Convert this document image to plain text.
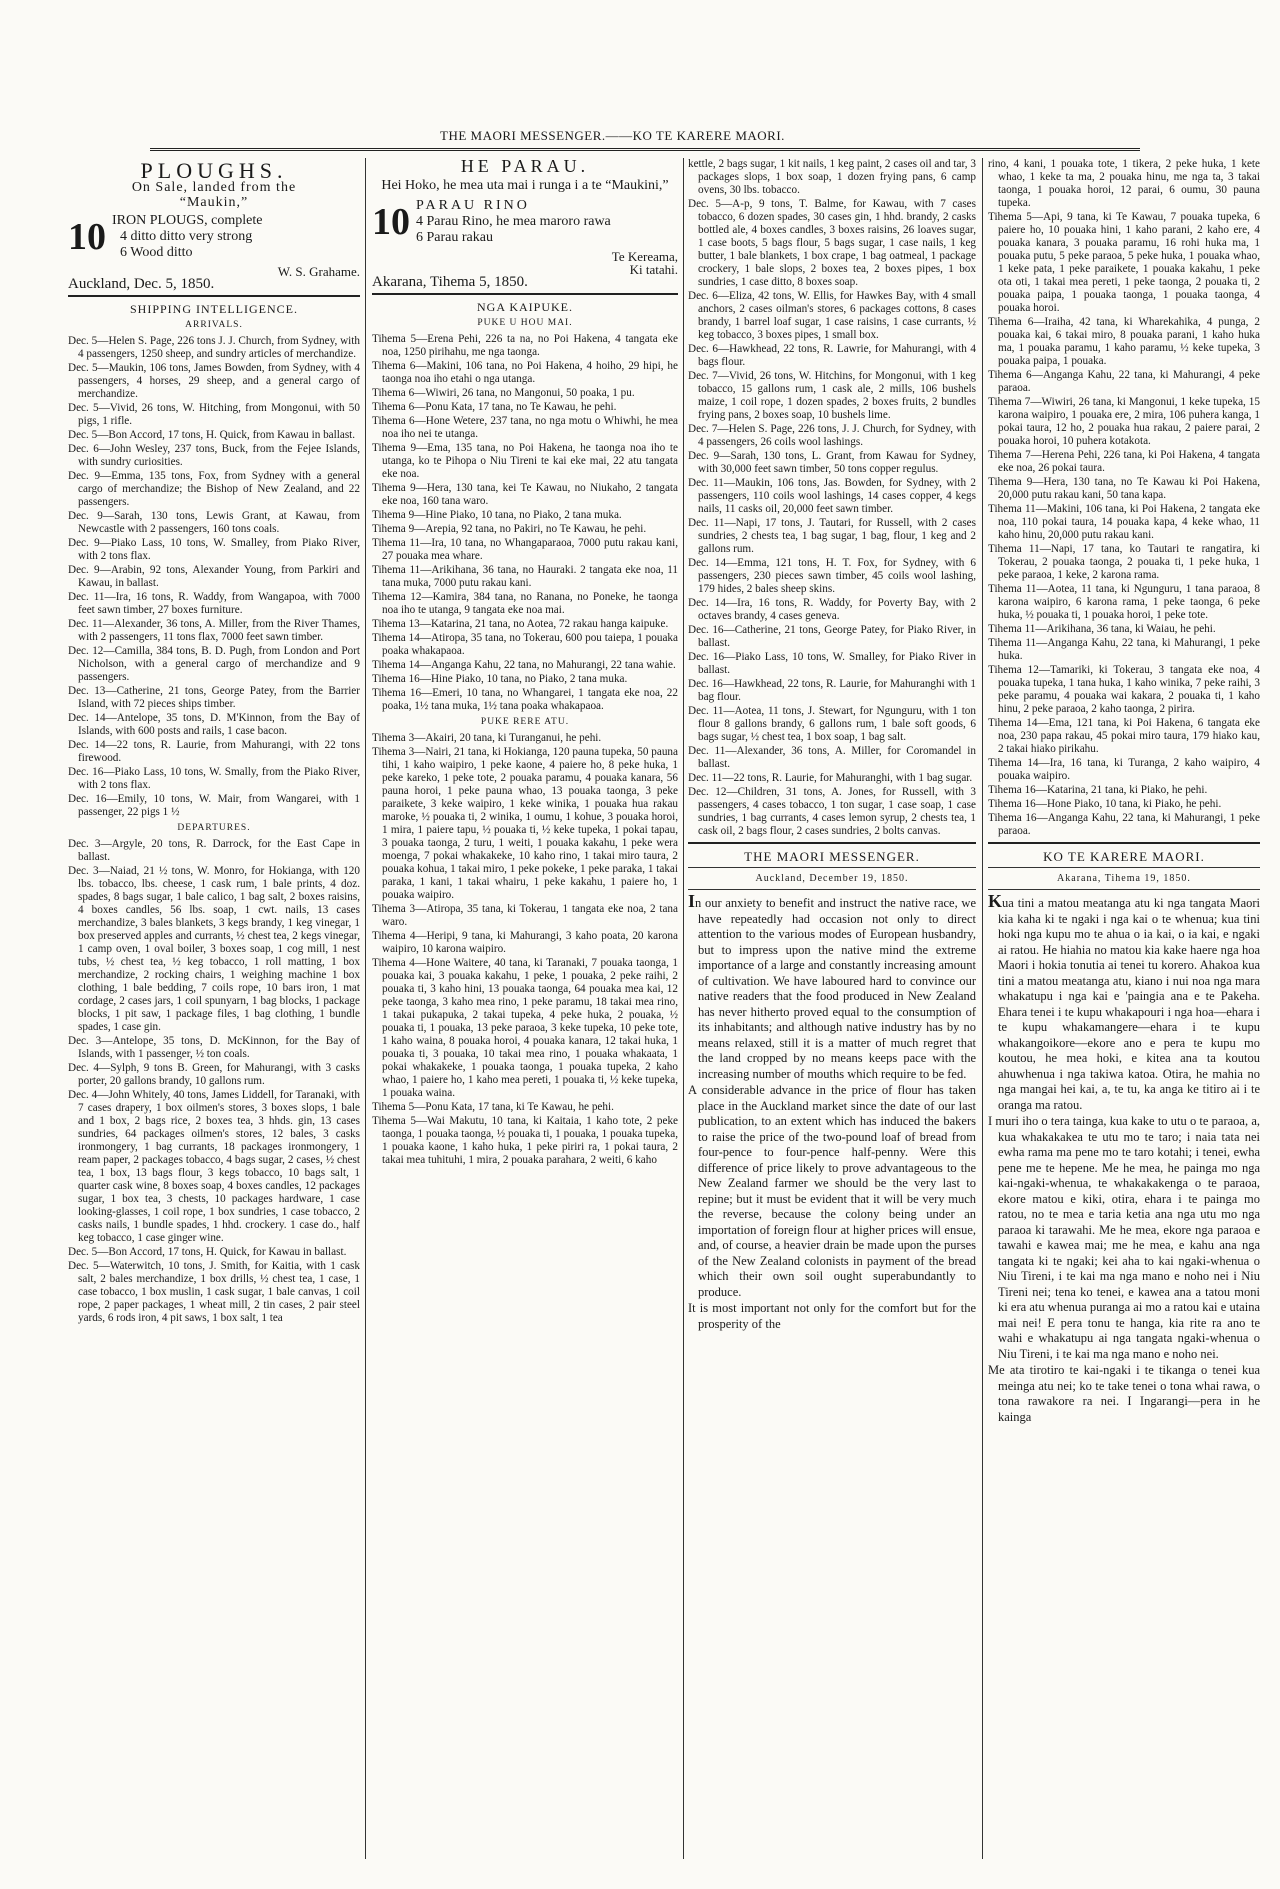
THE MAORI MESSENGER.——KO TE KARERE MAORI.
PLOUGHS.
On Sale, landed from the
“Maukin,”
10 IRON PLOUGS, complete
4 ditto ditto very strong
6 Wood ditto
W. S. Grahame.
Auckland, Dec. 5, 1850.
SHIPPING INTELLIGENCE.
ARRIVALS.

Dec. 5—Helen S. Page, 226 tons J. J. Church, from Sydney, with 4 passengers, 1250 sheep, and sundry articles of merchandize.

Dec. 5—Maukin, 106 tons, James Bowden, from Sydney, with 4 passengers, 4 horses, 29 sheep, and a general cargo of merchandize.

Dec. 5—Vivid, 26 tons, W. Hitching, from Mongonui, with 50 pigs, 1 rifle.

Dec. 5—Bon Accord, 17 tons, H. Quick, from Kawau in ballast.

Dec. 6—John Wesley, 237 tons, Buck, from the Fejee Islands, with sundry curiosities.

Dec. 9—Emma, 135 tons, Fox, from Sydney with a general cargo of merchandize; the Bishop of New Zealand, and 22 passengers.

Dec. 9—Sarah, 130 tons, Lewis Grant, at Kawau, from Newcastle with 2 passengers, 160 tons coals.

Dec. 9—Piako Lass, 10 tons, W. Smalley, from Piako River, with 2 tons flax.

Dec. 9—Arabin, 92 tons, Alexander Young, from Parkiri and Kawau, in ballast.

Dec. 11—Ira, 16 tons, R. Waddy, from Wangapoa, with 7000 feet sawn timber, 27 boxes furniture.

Dec. 11—Alexander, 36 tons, A. Miller, from the River Thames, with 2 passengers, 11 tons flax, 7000 feet sawn timber.

Dec. 12—Camilla, 384 tons, B. D. Pugh, from London and Port Nicholson, with a general cargo of merchandize and 9 passengers.

Dec. 13—Catherine, 21 tons, George Patey, from the Barrier Island, with 72 pieces ships timber.

Dec. 14—Antelope, 35 tons, D. M'Kinnon, from the Bay of Islands, with 600 posts and rails, 1 case bacon.

Dec. 14—22 tons, R. Laurie, from Mahurangi, with 22 tons firewood.

Dec. 16—Piako Lass, 10 tons, W. Smally, from the Piako River, with 2 tons flax.

Dec. 16—Emily, 10 tons, W. Mair, from Wangarei, with 1 passenger, 22 pigs 1 ½

DEPARTURES.

Dec. 3—Argyle, 20 tons, R. Darrock, for the East Cape in ballast.

Dec. 3—Naiad, 21 ½ tons, W. Monro, for Hokianga, with 120 lbs. tobacco, lbs. cheese, 1 cask rum, 1 bale prints, 4 doz. spades, 8 bags sugar, 1 bale calico, 1 bag salt, 2 boxes raisins, 4 boxes candles, 56 lbs. soap, 1 cwt. nails, 13 cases merchandize, 3 bales blankets, 3 kegs brandy, 1 keg vinegar, 1 box preserved apples and currants, ½ chest tea, 2 kegs vinegar, 1 camp oven, 1 oval boiler, 3 boxes soap, 1 cog mill, 1 nest tubs, ½ chest tea, ½ keg tobacco, 1 roll matting, 1 box merchandize, 2 rocking chairs, 1 weighing machine 1 box clothing, 1 bale bedding, 7 coils rope, 10 bars iron, 1 mat cordage, 2 cases jars, 1 coil spunyarn, 1 bag blocks, 1 package blocks, 1 pit saw, 1 package files, 1 bag clothing, 1 bundle spades, 1 case gin.

Dec. 3—Antelope, 35 tons, D. McKinnon, for the Bay of Islands, with 1 passenger, ½ ton coals.

Dec. 4—Sylph, 9 tons B. Green, for Mahurangi, with 3 casks porter, 20 gallons brandy, 10 gallons rum.

Dec. 4—John Whitely, 40 tons, James Liddell, for Taranaki, with 7 cases drapery, 1 box oilmen's stores, 3 boxes slops, 1 bale and 1 box, 2 bags rice, 2 boxes tea, 3 hhds. gin, 13 cases sundries, 64 packages oilmen's stores, 12 bales, 3 casks ironmongery, 1 bag currants, 18 packages ironmongery, 1 ream paper, 2 packages tobacco, 4 bags sugar, 2 cases, ½ chest tea, 1 box, 13 bags flour, 3 kegs tobacco, 10 bags salt, 1 quarter cask wine, 8 boxes soap, 4 boxes candles, 12 packages sugar, 1 box tea, 3 chests, 10 packages hardware, 1 case looking-glasses, 1 coil rope, 1 box sundries, 1 case tobacco, 2 casks nails, 1 bundle spades, 1 hhd. crockery. 1 case do., half keg tobacco, 1 case ginger wine.

Dec. 5—Bon Accord, 17 tons, H. Quick, for Kawau in ballast.

Dec. 5—Waterwitch, 10 tons, J. Smith, for Kaitia, with 1 cask salt, 2 bales merchandize, 1 box drills, ½ chest tea, 1 case, 1 case tobacco, 1 box muslin, 1 cask sugar, 1 bale canvas, 1 coil rope, 2 paper packages, 1 wheat mill, 2 tin cases, 2 pair steel yards, 6 rods iron, 4 pit saws, 1 box salt, 1 tea

HE PARAU.
Hei Hoko, he mea uta mai i runga i a te “Maukini,”
10 PARAU RINO
4 Parau Rino, he mea maroro rawa
6 Parau rakau
Te Kereama,
Ki tatahi.
Akarana, Tihema 5, 1850.
NGA KAIPUKE.
PUKE U HOU MAI.

Tihema 5—Erena Pehi, 226 ta na, no Poi Hakena, 4 tangata eke noa, 1250 pirihahu, me nga taonga.

Tihema 6—Makini, 106 tana, no Poi Hakena, 4 hoiho, 29 hipi, he taonga noa iho etahi o nga utanga.

Tihema 6—Wiwiri, 26 tana, no Mangonui, 50 poaka, 1 pu.

Tihema 6—Ponu Kata, 17 tana, no Te Kawau, he pehi.

Tihema 6—Hone Wetere, 237 tana, no nga motu o Whiwhi, he mea noa iho nei te utanga.

Tihema 9—Ema, 135 tana, no Poi Hakena, he taonga noa iho te utanga, ko te Pihopa o Niu Tireni te kai eke mai, 22 atu tangata eke noa.

Tihema 9—Hera, 130 tana, kei Te Kawau, no Niukaho, 2 tangata eke noa, 160 tana waro.

Tihema 9—Hine Piako, 10 tana, no Piako, 2 tana muka.

Tihema 9—Arepia, 92 tana, no Pakiri, no Te Kawau, he pehi.

Tihema 11—Ira, 10 tana, no Whangaparaoa, 7000 putu rakau kani, 27 pouaka mea whare.

Tihema 11—Arikihana, 36 tana, no Hauraki. 2 tangata eke noa, 11 tana muka, 7000 putu rakau kani.

Tihema 12—Kamira, 384 tana, no Ranana, no Poneke, he taonga noa iho te utanga, 9 tangata eke noa mai.

Tihema 13—Katarina, 21 tana, no Aotea, 72 rakau hanga kaipuke.

Tihema 14—Atiropa, 35 tana, no Tokerau, 600 pou taiepa, 1 pouaka poaka whakapaoa.

Tihema 14—Anganga Kahu, 22 tana, no Mahurangi, 22 tana wahie.

Tihema 16—Hine Piako, 10 tana, no Piako, 2 tana muka.

Tihema 16—Emeri, 10 tana, no Whangarei, 1 tangata eke noa, 22 poaka, 1½ tana muka, 1½ tana poaka whakapaoa.

PUKE RERE ATU.

Tihema 3—Akairi, 20 tana, ki Turanganui, he pehi.

Tihema 3—Nairi, 21 tana, ki Hokianga, 120 pauna tupeka, 50 pauna tihi, 1 kaho waipiro, 1 peke kaone, 4 paiere ho, 8 peke huka, 1 peke kareko, 1 peke tote, 2 pouaka paramu, 4 pouaka kanara, 56 pauna horoi, 1 peke pauna whao, 13 pouaka taonga, 3 peke paraikete, 3 keke waipiro, 1 keke winika, 1 pouaka hua rakau maroke, ½ pouaka ti, 2 winika, 1 oumu, 1 kohue, 3 pouaka horoi, 1 mira, 1 paiere tapu, ½ pouaka ti, ½ keke tupeka, 1 pokai tapau, 3 pouaka taonga, 2 turu, 1 weiti, 1 pouaka kakahu, 1 peke wera moenga, 7 pokai whakakeke, 10 kaho rino, 1 takai miro taura, 2 pouaka kohua, 1 takai miro, 1 peke pokeke, 1 peke paraka, 1 takai paraka, 1 kani, 1 takai whairu, 1 peke kakahu, 1 paiere ho, 1 pouaka waipiro.

Tihema 3—Atiropa, 35 tana, ki Tokerau, 1 tangata eke noa, 2 tana waro.

Tihema 4—Heripi, 9 tana, ki Mahurangi, 3 kaho poata, 20 karona waipiro, 10 karona waipiro.

Tihema 4—Hone Waitere, 40 tana, ki Taranaki, 7 pouaka taonga, 1 pouaka kai, 3 pouaka kakahu, 1 peke, 1 pouaka, 2 peke raihi, 2 pouaka ti, 3 kaho hini, 13 pouaka taonga, 64 pouaka mea kai, 12 peke taonga, 3 kaho mea rino, 1 peke paramu, 18 takai mea rino, 1 takai pukapuka, 2 takai tupeka, 4 peke huka, 2 pouaka, ½ pouaka ti, 1 pouaka, 13 peke paraoa, 3 keke tupeka, 10 peke tote, 1 kaho waina, 8 pouaka horoi, 4 pouaka kanara, 12 takai huka, 1 pouaka ti, 3 pouaka, 10 takai mea rino, 1 pouaka whakaata, 1 pokai whakakeke, 1 pouaka taonga, 1 pouaka tupeka, 2 kaho whao, 1 paiere ho, 1 kaho mea pereti, 1 pouaka ti, ½ keke tupeka, 1 pouaka waina.

Tihema 5—Ponu Kata, 17 tana, ki Te Kawau, he pehi.

Tihema 5—Wai Makutu, 10 tana, ki Kaitaia, 1 kaho tote, 2 peke taonga, 1 pouaka taonga, ½ pouaka ti, 1 pouaka, 1 pouaka tupeka, 1 pouaka kaone, 1 kaho huka, 1 peke piriri ra, 1 pokai taura, 2 takai mea tuhituhi, 1 mira, 2 pouaka parahara, 2 weiti, 6 kaho

kettle, 2 bags sugar, 1 kit nails, 1 keg paint, 2 cases oil and tar, 3 packages slops, 1 box soap, 1 dozen frying pans, 6 camp ovens, 30 lbs. tobacco.

Dec. 5—A-p, 9 tons, T. Balme, for Kawau, with 7 cases tobacco, 6 dozen spades, 30 cases gin, 1 hhd. brandy, 2 casks bottled ale, 4 boxes candles, 3 boxes raisins, 26 loaves sugar, 1 case boots, 5 bags flour, 5 bags sugar, 1 case nails, 1 keg butter, 1 bale blankets, 1 box crape, 1 bag oatmeal, 1 package crockery, 1 bale slops, 2 boxes tea, 2 boxes pipes, 1 box sundries, 1 case ditto, 8 boxes soap.

Dec. 6—Eliza, 42 tons, W. Ellis, for Hawkes Bay, with 4 small anchors, 2 cases oilman's stores, 6 packages cottons, 8 cases brandy, 1 barrel loaf sugar, 1 case raisins, 1 case currants, ½ keg tobacco, 3 boxes pipes, 1 small box.

Dec. 6—Hawkhead, 22 tons, R. Lawrie, for Mahurangi, with 4 bags flour.

Dec. 7—Vivid, 26 tons, W. Hitchins, for Mongonui, with 1 keg tobacco, 15 gallons rum, 1 cask ale, 2 mills, 106 bushels maize, 1 coil rope, 1 dozen spades, 2 boxes fruits, 2 bundles frying pans, 2 boxes soap, 10 bushels lime.

Dec. 7—Helen S. Page, 226 tons, J. J. Church, for Sydney, with 4 passengers, 26 coils wool lashings.

Dec. 9—Sarah, 130 tons, L. Grant, from Kawau for Sydney, with 30,000 feet sawn timber, 50 tons copper regulus.

Dec. 11—Maukin, 106 tons, Jas. Bowden, for Sydney, with 2 passengers, 110 coils wool lashings, 14 cases copper, 4 kegs nails, 11 casks oil, 20,000 feet sawn timber.

Dec. 11—Napi, 17 tons, J. Tautari, for Russell, with 2 cases sundries, 2 chests tea, 1 bag sugar, 1 bag, flour, 1 keg and 2 gallons rum.

Dec. 14—Emma, 121 tons, H. T. Fox, for Sydney, with 6 passengers, 230 pieces sawn timber, 45 coils wool lashing, 179 hides, 2 bales sheep skins.

Dec. 14—Ira, 16 tons, R. Waddy, for Poverty Bay, with 2 octaves brandy, 4 cases geneva.

Dec. 16—Catherine, 21 tons, George Patey, for Piako River, in ballast.

Dec. 16—Piako Lass, 10 tons, W. Smalley, for Piako River in ballast.

Dec. 16—Hawkhead, 22 tons, R. Laurie, for Mahuranghi with 1 bag flour.

Dec. 11—Aotea, 11 tons, J. Stewart, for Ngunguru, with 1 ton flour 8 gallons brandy, 6 gallons rum, 1 bale soft goods, 6 bags sugar, ½ chest tea, 1 box soap, 1 bag salt.

Dec. 11—Alexander, 36 tons, A. Miller, for Coromandel in ballast.

Dec. 11—22 tons, R. Laurie, for Mahuranghi, with 1 bag sugar.

Dec. 12—Children, 31 tons, A. Jones, for Russell, with 3 passengers, 4 cases tobacco, 1 ton sugar, 1 case soap, 1 case sundries, 1 bag currants, 4 cases lemon syrup, 2 chests tea, 1 cask oil, 2 bags flour, 2 cases sundries, 2 bolts canvas.

THE MAORI MESSENGER.
Auckland, December 19, 1850.

In our anxiety to benefit and instruct the native race, we have repeatedly had occasion not only to direct attention to the various modes of European husbandry, but to impress upon the native mind the extreme importance of a large and constantly increasing amount of cultivation. We have laboured hard to convince our native readers that the food produced in New Zealand has never hitherto proved equal to the consumption of its inhabitants; and although native industry has by no means relaxed, still it is a matter of much regret that the land cropped by no means keeps pace with the increasing number of mouths which require to be fed.

A considerable advance in the price of flour has taken place in the Auckland market since the date of our last publication, to an extent which has induced the bakers to raise the price of the two-pound loaf of bread from four-pence to four-pence half-penny. Were this difference of price likely to prove advantageous to the New Zealand farmer we should be the very last to repine; but it must be evident that it will be very much the reverse, because the colony being under an importation of foreign flour at higher prices will ensue, and, of course, a heavier drain be made upon the purses of the New Zealand colonists in payment of the bread which their own soil ought superabundantly to produce.

It is most important not only for the comfort but for the prosperity of the

rino, 4 kani, 1 pouaka tote, 1 tikera, 2 peke huka, 1 kete whao, 1 keke ta ma, 2 pouaka hinu, me nga ta, 3 takai taonga, 1 pouaka horoi, 12 parai, 6 oumu, 30 pauna tupeka.

Tihema 5—Api, 9 tana, ki Te Kawau, 7 pouaka tupeka, 6 paiere ho, 10 pouaka hini, 1 kaho parani, 2 kaho ere, 4 pouaka kanara, 3 pouaka paramu, 16 rohi huka ma, 1 pouaka putu, 5 peke paraoa, 5 peke huka, 1 pouaka whao, 1 keke pata, 1 peke paraikete, 1 pouaka kakahu, 1 peke ota oti, 1 takai mea pereti, 1 peke taonga, 2 pouaka ti, 2 pouaka paipa, 1 pouaka taonga, 1 pouaka taonga, 4 pouaka horoi.

Tihema 6—Iraiha, 42 tana, ki Wharekahika, 4 punga, 2 pouaka kai, 6 takai miro, 8 pouaka parani, 1 kaho huka ma, 1 pouaka paramu, 1 kaho paramu, ½ keke tupeka, 3 pouaka paipa, 1 pouaka.

Tihema 6—Anganga Kahu, 22 tana, ki Mahurangi, 4 peke paraoa.

Tihema 7—Wiwiri, 26 tana, ki Mangonui, 1 keke tupeka, 15 karona waipiro, 1 pouaka ere, 2 mira, 106 puhera kanga, 1 pokai taura, 12 ho, 2 pouaka hua rakau, 2 paiere parai, 2 pouaka horoi, 10 puhera kotakota.

Tihema 7—Herena Pehi, 226 tana, ki Poi Hakena, 4 tangata eke noa, 26 pokai taura.

Tihema 9—Hera, 130 tana, no Te Kawau ki Poi Hakena, 20,000 putu rakau kani, 50 tana kapa.

Tihema 11—Makini, 106 tana, ki Poi Hakena, 2 tangata eke noa, 110 pokai taura, 14 pouaka kapa, 4 keke whao, 11 kaho hinu, 20,000 putu rakau kani.

Tihema 11—Napi, 17 tana, ko Tautari te rangatira, ki Tokerau, 2 pouaka taonga, 2 pouaka ti, 1 peke huka, 1 peke paraoa, 1 keke, 2 karona rama.

Tihema 11—Aotea, 11 tana, ki Ngunguru, 1 tana paraoa, 8 karona waipiro, 6 karona rama, 1 peke taonga, 6 peke huka, ½ pouaka ti, 1 pouaka horoi, 1 peke tote.

Tihema 11—Arikihana, 36 tana, ki Waiau, he pehi.

Tihema 11—Anganga Kahu, 22 tana, ki Mahurangi, 1 peke huka.

Tihema 12—Tamariki, ki Tokerau, 3 tangata eke noa, 4 pouaka tupeka, 1 tana huka, 1 kaho winika, 7 peke raihi, 3 peke paramu, 4 pouaka wai kakara, 2 pouaka ti, 1 kaho hinu, 2 peke paraoa, 2 kaho taonga, 2 pirira.

Tihema 14—Ema, 121 tana, ki Poi Hakena, 6 tangata eke noa, 230 papa rakau, 45 pokai miro taura, 179 hiako kau, 2 takai hiako pirikahu.

Tihema 14—Ira, 16 tana, ki Turanga, 2 kaho waipiro, 4 pouaka waipiro.

Tihema 16—Katarina, 21 tana, ki Piako, he pehi.

Tihema 16—Hone Piako, 10 tana, ki Piako, he pehi.

Tihema 16—Anganga Kahu, 22 tana, ki Mahurangi, 1 peke paraoa.

KO TE KARERE MAORI.
Akarana, Tihema 19, 1850.

Kua tini a matou meatanga atu ki nga tangata Maori kia kaha ki te ngaki i nga kai o te whenua; kua tini hoki nga kupu mo te ahua o ia kai, o ia kai, e ngaki ai ratou. He hiahia no matou kia kake haere nga hoa Maori i hokia tonutia ai tenei tu korero. Ahakoa kua tini a matou meatanga atu, kiano i nui noa nga mara whakatupu i nga kai e 'paingia ana e te Pakeha. Ehara tenei i te kupu whakapouri i nga hoa—ehara i te kupu whakamangere—ehara i te kupu whakangoikore—ekore ano e pera te kupu mo koutou, he mea hoki, e kitea ana ta koutou ahuwhenua i nga takiwa katoa. Otira, he mahia no nga mangai hei kai, a, te tu, ka anga ke titiro ai i te oranga ma ratou.

I muri iho o tera tainga, kua kake to utu o te paraoa, a, kua whakakakea te utu mo te taro; i naia tata nei ewha rama ma pene mo te taro kotahi; i tenei, ewha pene me te hepene. Me he mea, he painga mo nga kai-ngaki-whenua, te whakakakenga o te paraoa, ekore matou e kiki, otira, ehara i te painga mo ratou, no te mea e taria ketia ana nga utu mo nga paraoa ki tarawahi. Me he mea, ekore nga paraoa e tawahi e kawea mai; me he mea, e kahu ana nga tangata ki te ngaki; kei aha to kai ngaki-whenua o Niu Tireni, i te kai ma nga mano e noho nei i Niu Tireni nei; tena ko tenei, e kawea ana a tatou moni ki era atu whenua puranga ai mo a ratou kai e utaina mai nei! E pera tonu te hanga, kia rite ra ano te wahi e whakatupu ai nga tangata ngaki-whenua o Niu Tireni, i te kai ma nga mano e noho nei.

Me ata tirotiro te kai-ngaki i te tikanga o tenei kua meinga atu nei; ko te take tenei o tona whai rawa, o tona rawakore ra nei. I Ingarangi—pera in he kainga
